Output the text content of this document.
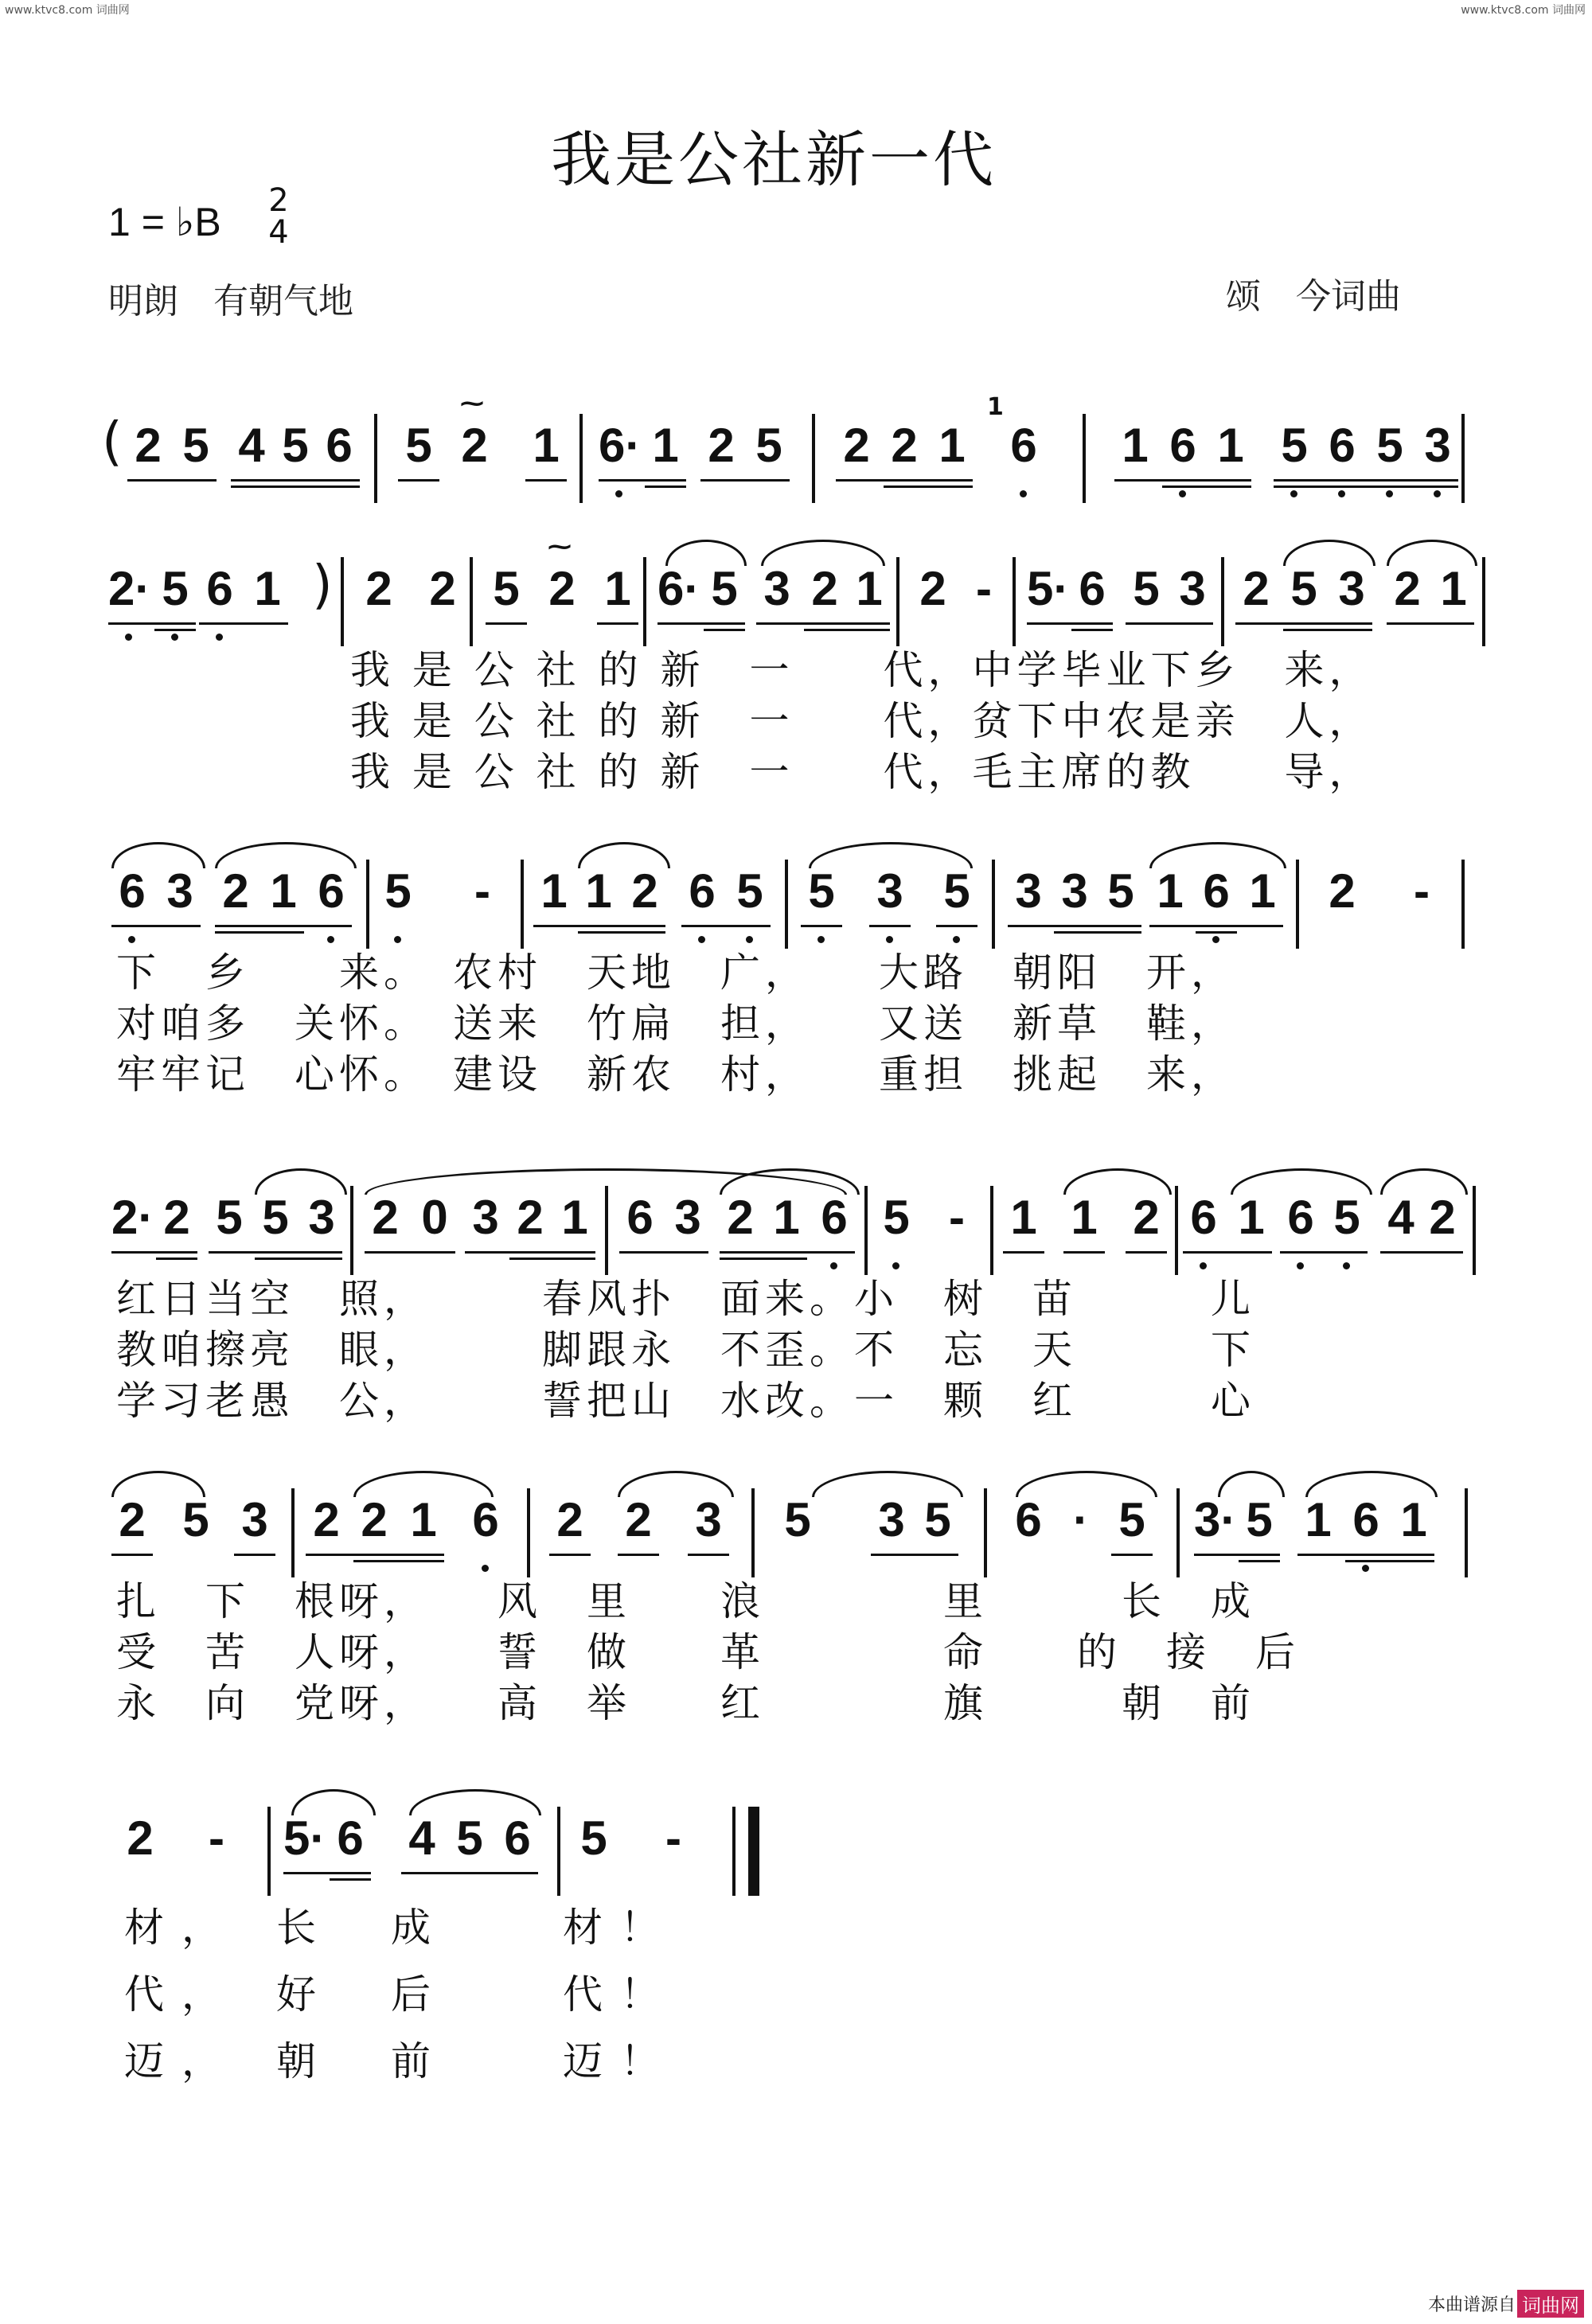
www.ktvc8.com 词曲网	www.ktvc8.com 词曲网
我是公社新一代
1 = ♭B 2
4
明朗　有朝气地	颂　今词曲
( 2 5 4 5 6 5 2
⁓
1 6· 1 2 5 2 2 1 6
1
1 6 1 5 6 5 3
2· 5 6 1 ) 2 2 5 2
⁓
1 6· 5 3 2 1 2 - 5· 6 5 3 2 5 3 2 1
我 是 公 社 的 新　一　　代，中学毕业下乡　来，
我 是 公 社 的 新　一　　代，贫下中农是亲　人，
我 是 公 社 的 新　一　　代，毛主席的教　　导，
6 3 2 1 6 5 - 1 1 2 6 5 5 3 5 3 3 5 1 6 1 2 -
下　乡　　来。　农村　天地　广，　　大路　朝阳　开，
对咱多　关怀。　送来　竹扁　担，　　又送　新草　鞋，
牢牢记　心怀。　建设　新农　村，　　重担　挑起　来，
2· 2 5 5 3 2 0 3 2 1 6 3 2 1 6 5 - 1 1 2 6 1 6 5 4 2
红日当空　照，　　　春风扑　面来。小　树　苗　　　儿
教咱擦亮　眼，　　　脚跟永　不歪。不　忘　天　　　下
学习老愚　公，　　　誓把山　水改。一　颗　红　　　心
2 5 3 2 2 1 6 2 2 3 5 3 5 6 · 5 3· 5 1 6 1
扎　下　根呀，　　风　里　　浪　　　　里　　　长　成
受　苦　人呀，　　誓　做　　革　　　　命　　的　接　后
永　向　党呀，　　高　举　　红　　　　旗　　　朝　前
2 - 5· 6 4 5 6 5 -
材，　长　成　　材！
代，　好　后　　代！
迈，　朝　前　　迈！
本曲谱源自 词曲网
